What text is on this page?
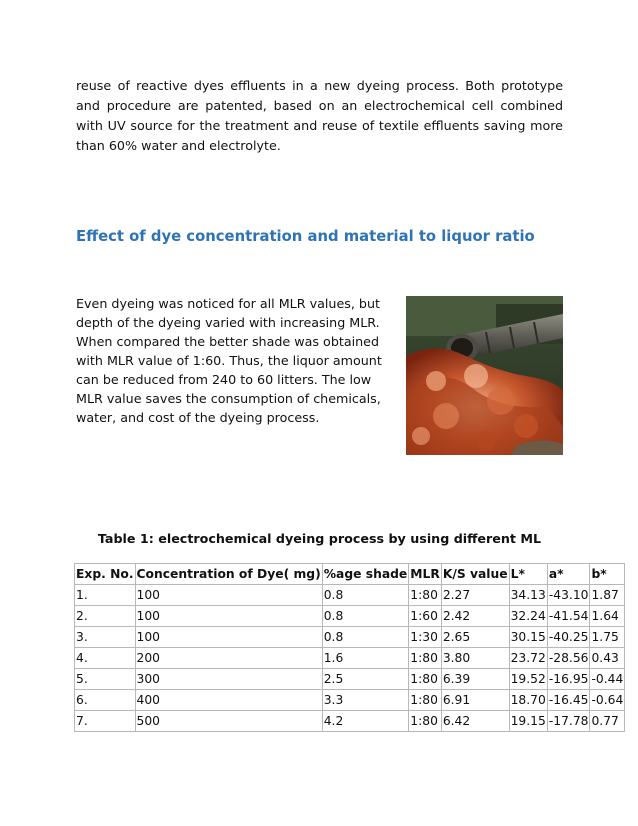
reuse of reactive dyes effluents in a new dyeing process. Both prototype and procedure are patented, based on an electrochemical cell combined with UV source for the treatment and reuse of textile effluents saving more than 60% water and electrolyte.

Effect of dye concentration and material to liquor ratio

Even dyeing was noticed for all MLR values, but depth of the dyeing varied with increasing MLR. When compared the better shade was obtained with MLR value of 1:60. Thus, the liquor amount can be reduced from 240 to 60 litters. The low MLR value saves the consumption of chemicals, water, and cost of the dyeing process.

Table 1: electrochemical dyeing process by using different ML

Exp. No.	Concentration of Dye( mg)	%age shade	MLR	K/S value	L*	a*	b*
1.	100	0.8	1:80	2.27	34.13	-43.10	1.87
2.	100	0.8	1:60	2.42	32.24	-41.54	1.64
3.	100	0.8	1:30	2.65	30.15	-40.25	1.75
4.	200	1.6	1:80	3.80	23.72	-28.56	0.43
5.	300	2.5	1:80	6.39	19.52	-16.95	-0.44
6.	400	3.3	1:80	6.91	18.70	-16.45	-0.64
7.	500	4.2	1:80	6.42	19.15	-17.78	0.77
